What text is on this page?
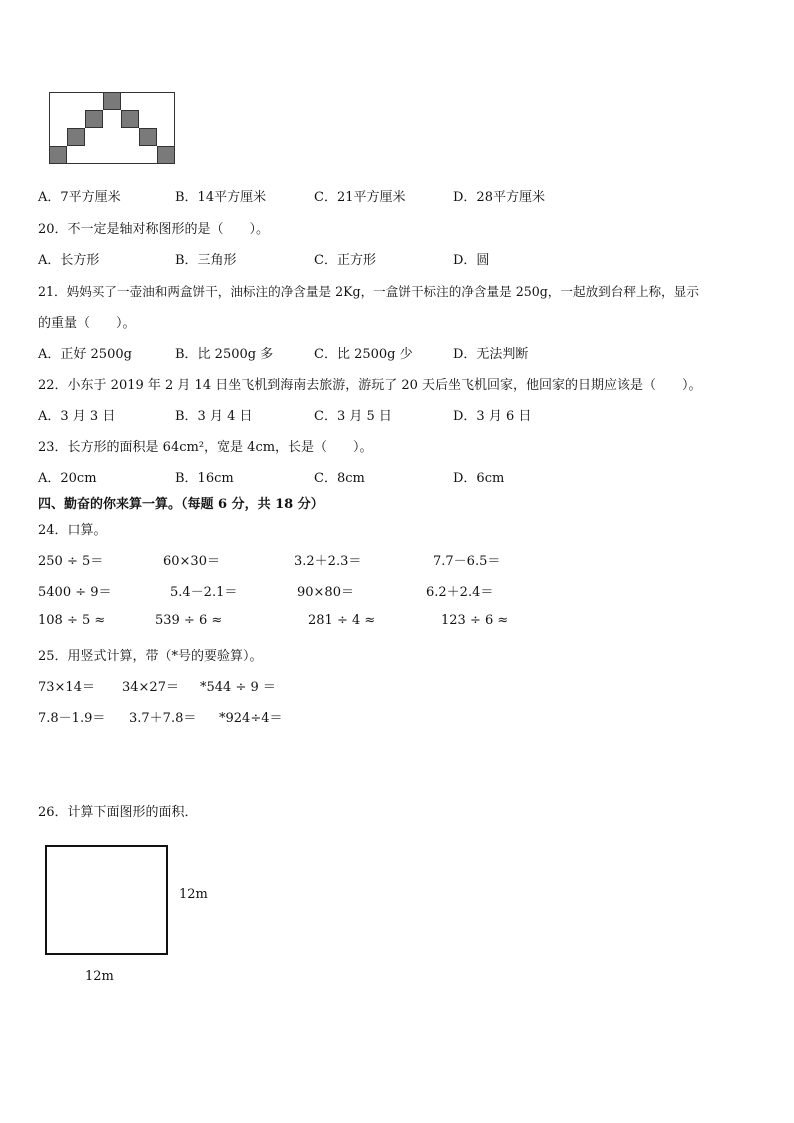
A．7平方厘米	B．14平方厘米	C．21平方厘米	D．28平方厘米
20．不一定是轴对称图形的是（　　）。
A．长方形	B．三角形	C．正方形	D．圆
21．妈妈买了一壶油和两盒饼干，油标注的净含量是 2Kg，一盒饼干标注的净含量是 250g，一起放到台秤上称，显示
的重量（　　）。
A．正好 2500g	B．比 2500g 多	C．比 2500g 少	D．无法判断
22．小东于 2019 年 2 月 14 日坐飞机到海南去旅游，游玩了 20 天后坐飞机回家，他回家的日期应该是（　　）。
A．3 月 3 日	B．3 月 4 日	C．3 月 5 日	D．3 月 6 日
23．长方形的面积是 64cm²，宽是 4cm，长是（　　）。
A．20cm	B．16cm	C．8cm	D．6cm
四、勤奋的你来算一算。（每题 6 分，共 18 分）
24．口算。
250 ÷ 5＝	60×30＝	3.2＋2.3＝	7.7－6.5＝
5400 ÷ 9＝	5.4－2.1＝	90×80＝	6.2＋2.4＝
108 ÷ 5 ≈	539 ÷ 6 ≈	281 ÷ 4 ≈	123 ÷ 6 ≈
25．用竖式计算，带（*号的要验算）。
73×14＝ 34×27＝ *544 ÷ 9 ＝
7.8－1.9＝ 3.7＋7.8＝ *924÷4＝
26．计算下面图形的面积．
12m
12m
